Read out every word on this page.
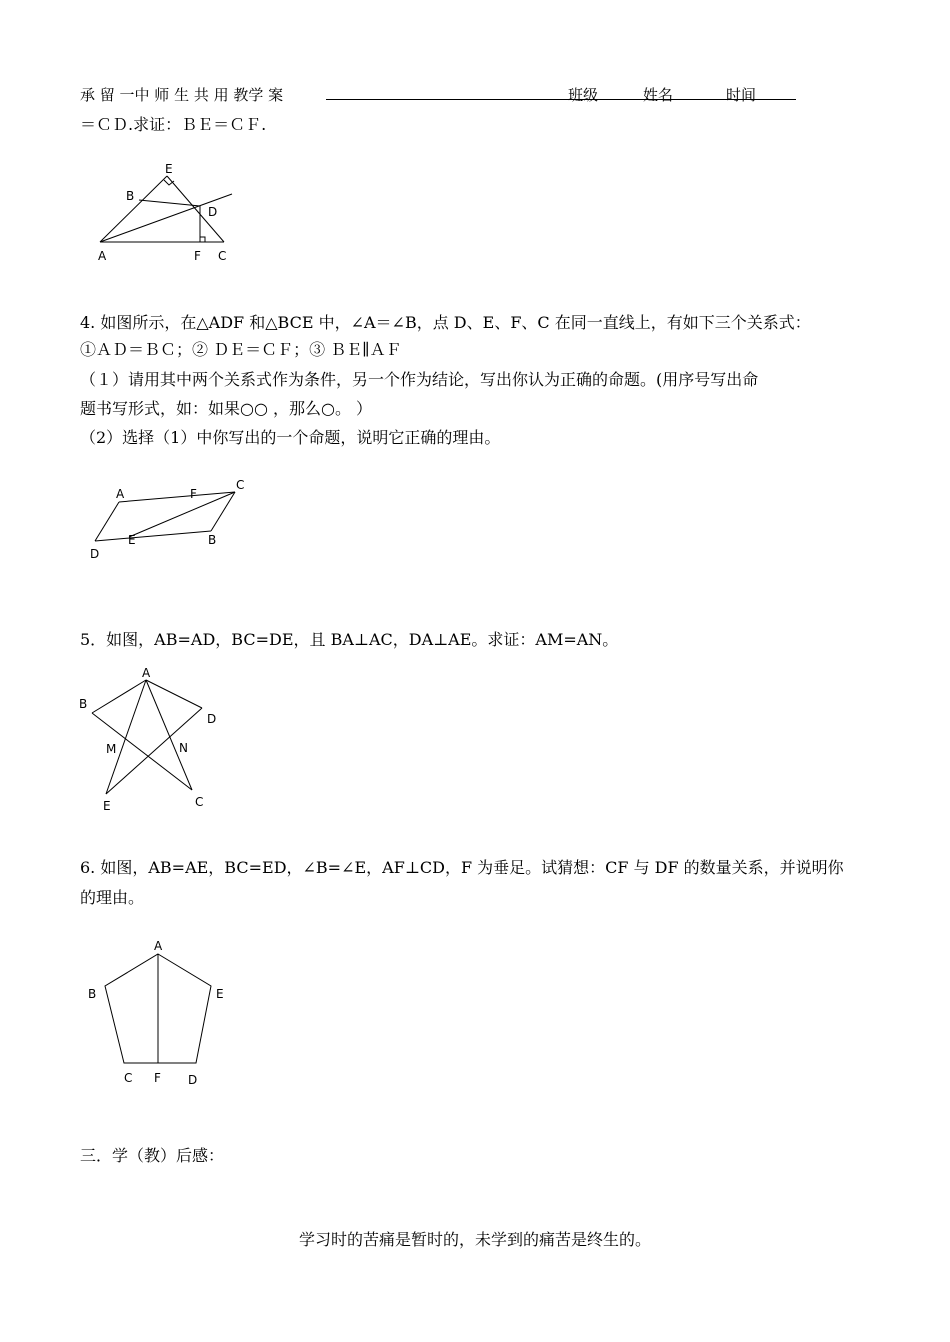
承 留 一中 师 生 共 用 教学 案	班级	姓名	时间
＝ＣＤ.求证：ＢＥ＝ＣＦ.
E
B
D
A	F C
4. 如图所示，在△ADF 和△BCE 中，∠A＝∠B，点 D、E、F、C 在同一直线上，有如下三个关系式：
①ＡＤ＝ＢＣ；② ＤＥ＝ＣＦ；③ ＢＥ∥ＡＦ
（１）请用其中两个关系式作为条件，另一个作为结论，写出你认为正确的命题。(用序号写出命
题书写形式，如：如果○○ ，那么○。 ）
（2）选择（1）中你写出的一个命题，说明它正确的理由。
A	F
C
D
E	B
5．如图，AB=AD，BC=DE，且 BA⊥AC，DA⊥AE。求证：AM=AN。
A
B
D
M	N
E	C
6. 如图，AB=AE，BC=ED，∠B=∠E，AF⊥CD，F 为垂足。试猜想：CF 与 DF 的数量关系，并说明你
的理由。
A
B	E
C F D
三．学（教）后感：
学习时的苦痛是暂时的，未学到的痛苦是终生的。
